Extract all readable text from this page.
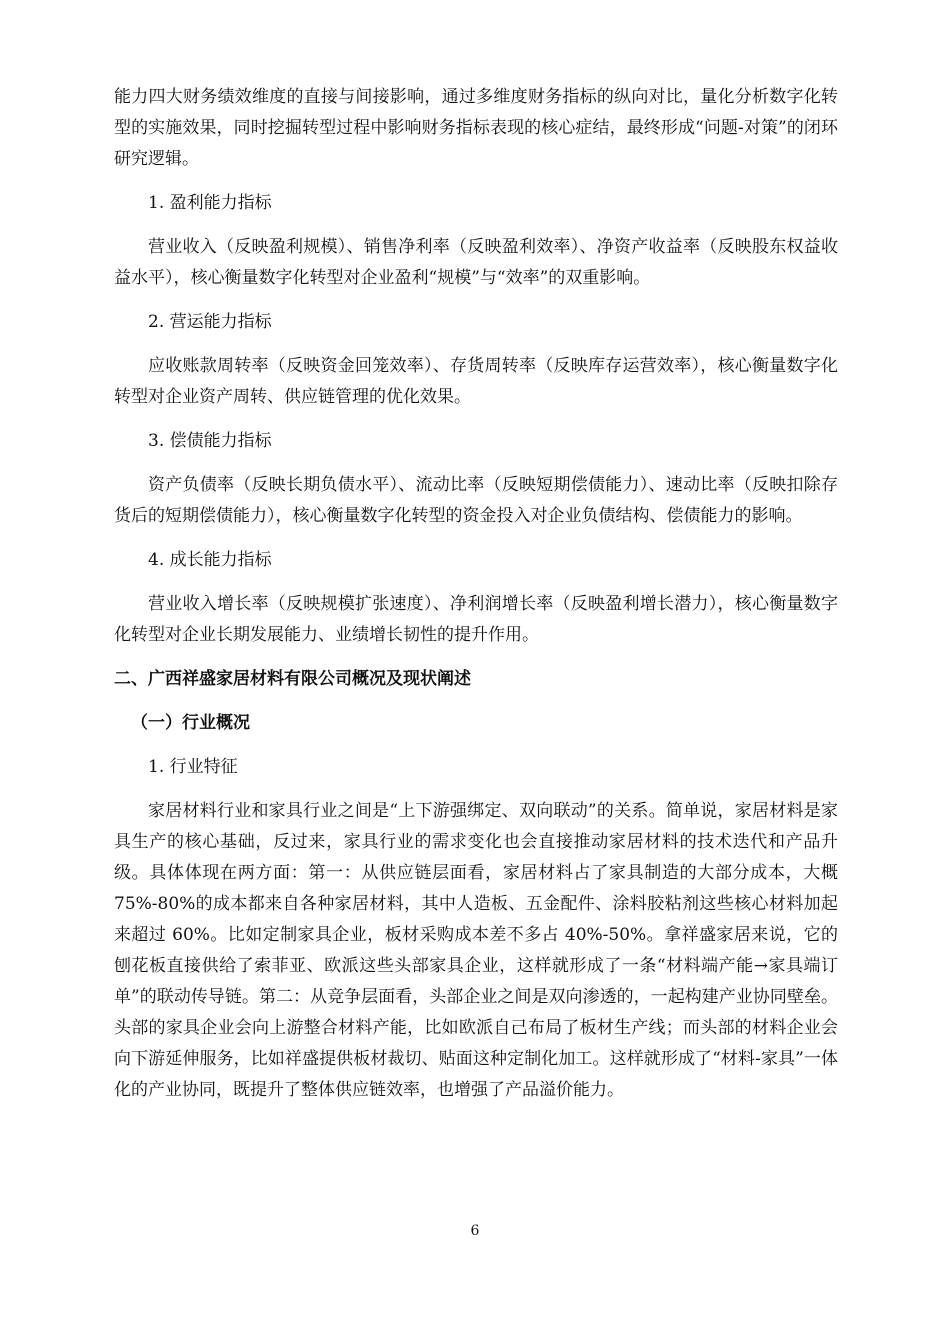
能力四大财务绩效维度的直接与间接影响，通过多维度财务指标的纵向对比，量化分析数字化转型的实施效果，同时挖掘转型过程中影响财务指标表现的核心症结，最终形成“问题-对策”的闭环研究逻辑。

1. 盈利能力指标

营业收入（反映盈利规模）、销售净利率（反映盈利效率）、净资产收益率（反映股东权益收益水平），核心衡量数字化转型对企业盈利“规模”与“效率”的双重影响。

2. 营运能力指标

应收账款周转率（反映资金回笼效率）、存货周转率（反映库存运营效率），核心衡量数字化转型对企业资产周转、供应链管理的优化效果。

3. 偿债能力指标

资产负债率（反映长期负债水平）、流动比率（反映短期偿债能力）、速动比率（反映扣除存货后的短期偿债能力），核心衡量数字化转型的资金投入对企业负债结构、偿债能力的影响。

4. 成长能力指标

营业收入增长率（反映规模扩张速度）、净利润增长率（反映盈利增长潜力），核心衡量数字化转型对企业长期发展能力、业绩增长韧性的提升作用。

二、广西祥盛家居材料有限公司概况及现状阐述

（一）行业概况

1. 行业特征

家居材料行业和家具行业之间是“上下游强绑定、双向联动”的关系。简单说，家居材料是家具生产的核心基础，反过来，家具行业的需求变化也会直接推动家居材料的技术迭代和产品升级。具体体现在两方面：第一：从供应链层面看，家居材料占了家具制造的大部分成本，大概 75%-80%的成本都来自各种家居材料，其中人造板、五金配件、涂料胶粘剂这些核心材料加起来超过 60%。比如定制家具企业，板材采购成本差不多占 40%-50%。拿祥盛家居来说，它的刨花板直接供给了索菲亚、欧派这些头部家具企业，这样就形成了一条“材料端产能→家具端订单”的联动传导链。第二：从竞争层面看，头部企业之间是双向渗透的，一起构建产业协同壁垒。头部的家具企业会向上游整合材料产能，比如欧派自己布局了板材生产线；而头部的材料企业会向下游延伸服务，比如祥盛提供板材裁切、贴面这种定制化加工。这样就形成了“材料-家具”一体化的产业协同，既提升了整体供应链效率，也增强了产品溢价能力。

6
